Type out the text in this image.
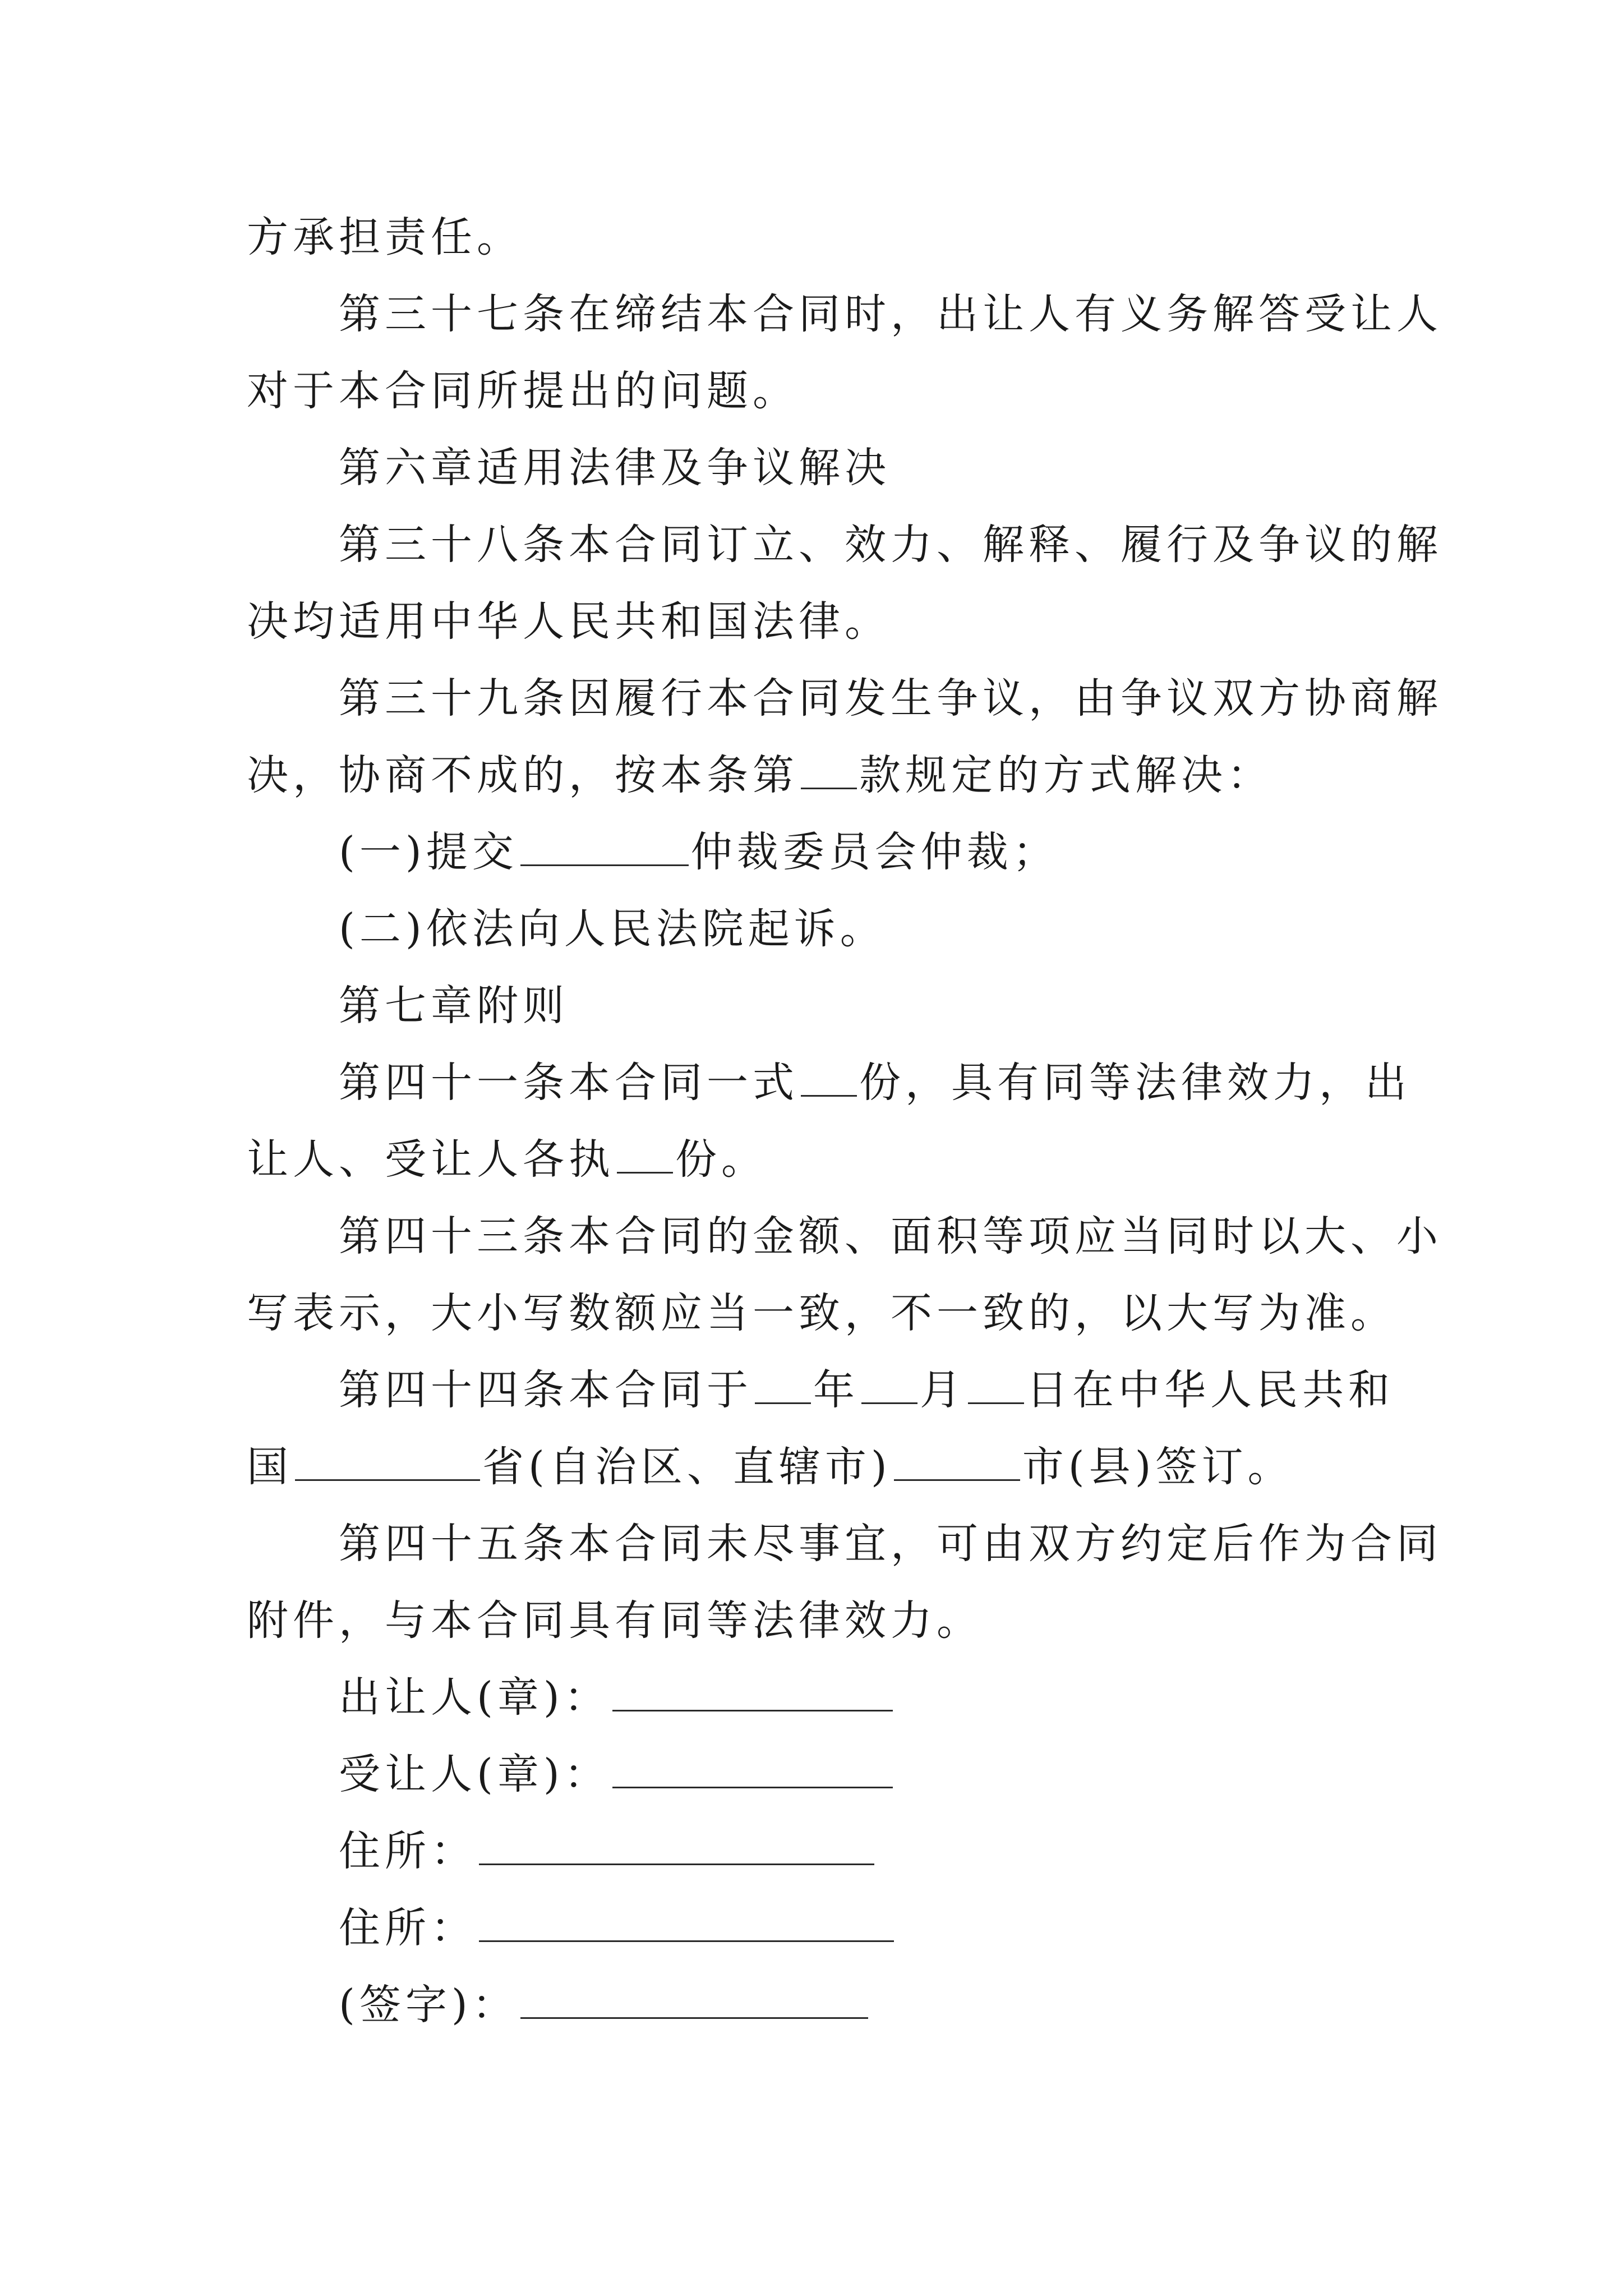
方承担责任。
第三十七条在缔结本合同时，出让人有义务解答受让人
对于本合同所提出的问题。
第六章适用法律及争议解决
第三十八条本合同订立、效力、解释、履行及争议的解
决均适用中华人民共和国法律。
第三十九条因履行本合同发生争议，由争议双方协商解
决，协商不成的，按本条第 款规定的方式解决：
(一)提交	仲裁委员会仲裁；
(二)依法向人民法院起诉。
第七章附则
第四十一条本合同一式 份，具有同等法律效力，出
让人、受让人各执 份。
第四十三条本合同的金额、面积等项应当同时以大、小
写表示，大小写数额应当一致，不一致的，以大写为准。
第四十四条本合同于 年 月 日在中华人民共和
国	省(自治区、直辖市)	市(县)签订。
第四十五条本合同未尽事宜，可由双方约定后作为合同
附件，与本合同具有同等法律效力。
出让人(章)：
受让人(章)：
住所：
住所：
(签字)：
